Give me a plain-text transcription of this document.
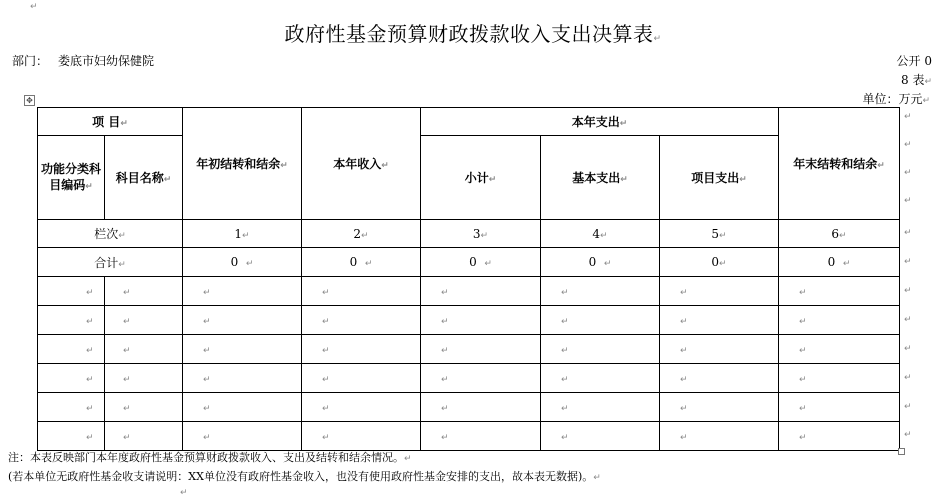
↵
政府性基金预算财政拨款收入支出决算表↵
部门： 娄底市妇幼保健院	公开 0
8 表↵
单位：万元↵
✥
项 目↵		年初结转和结余↵	本年收入↵	本年支出↵			年末结转和结余↵
功能分类科目编码↵	科目名称↵			小计↵	基本支出↵	项目支出↵	
栏次↵		1↵	2↵	3↵	4↵	5↵	6↵
合计↵		0 ↵	0 ↵	0 ↵	0 ↵	0↵	0 ↵
↵	↵	↵	↵	↵	↵	↵	↵
↵	↵	↵	↵	↵	↵	↵	↵
↵	↵	↵	↵	↵	↵	↵	↵
↵	↵	↵	↵	↵	↵	↵	↵
↵	↵	↵	↵	↵	↵	↵	↵
↵	↵	↵	↵	↵	↵	↵	↵
↵
↵
↵
↵
↵
↵
↵
↵
↵
↵
↵
↵
注：本表反映部门本年度政府性基金预算财政拨款收入、支出及结转和结余情况。↵
(若本单位无政府性基金收支请说明：XX单位没有政府性基金收入，也没有使用政府性基金安排的支出，故本表无数据)。↵
↵
